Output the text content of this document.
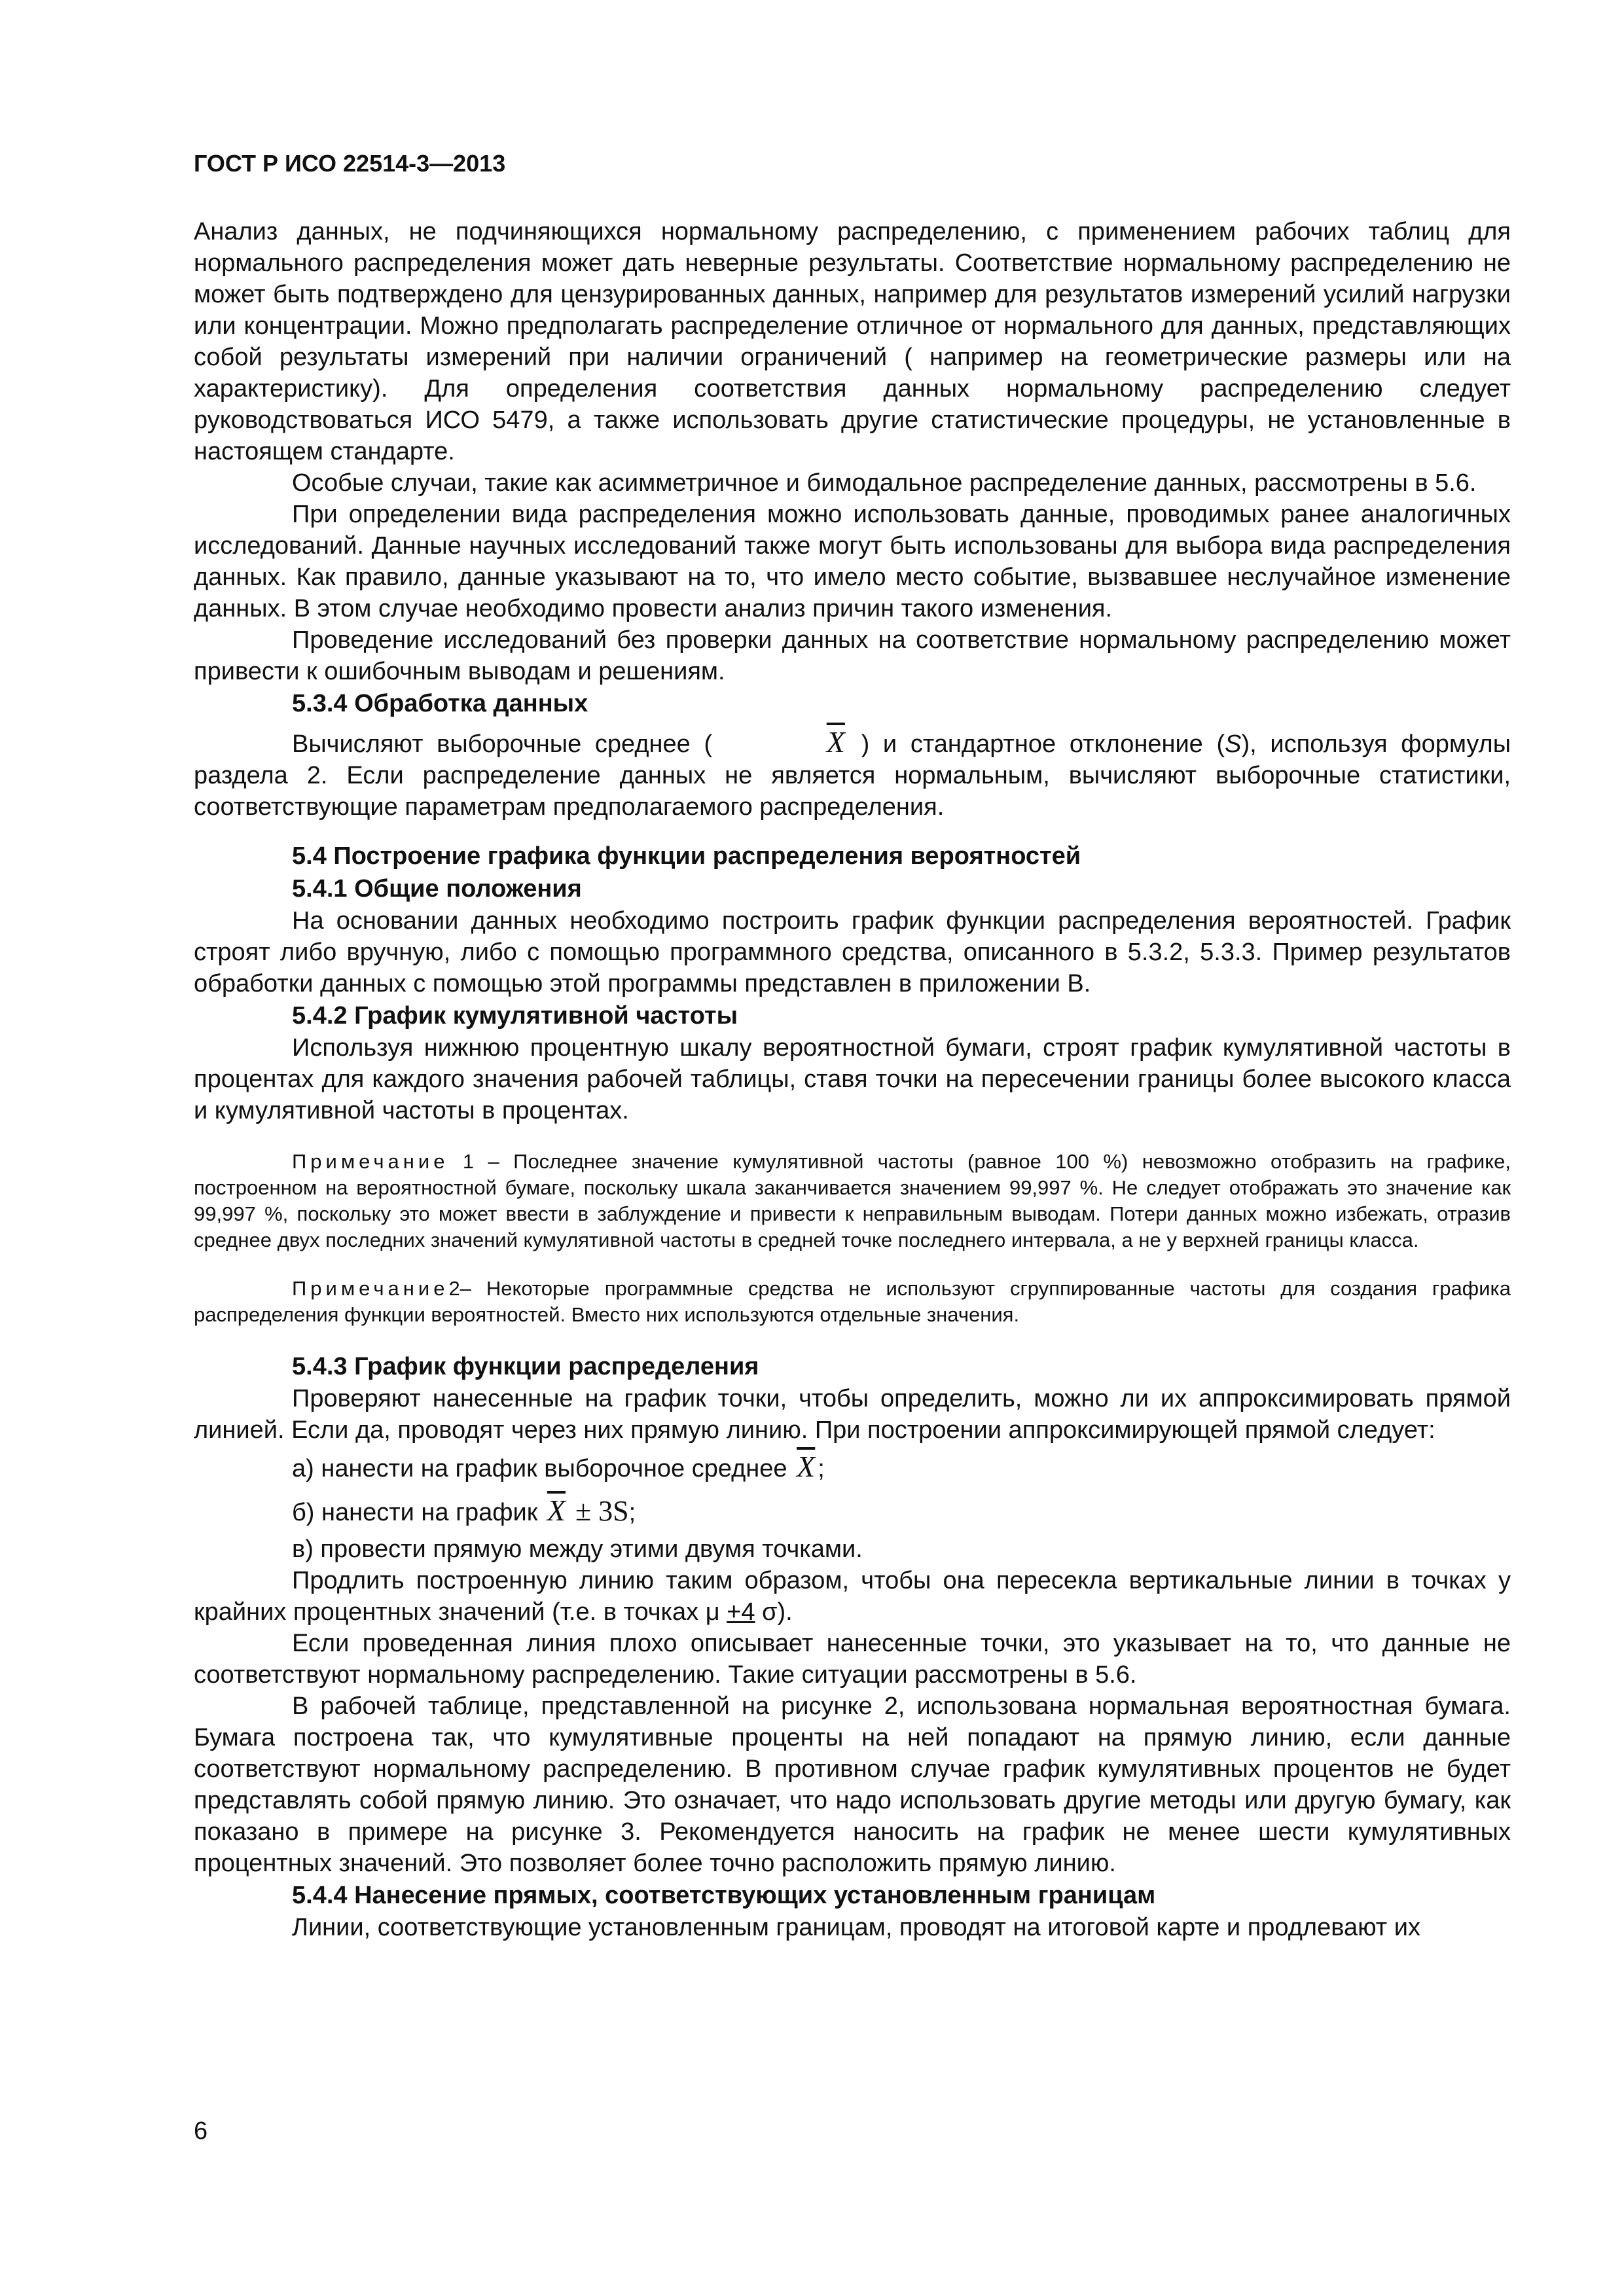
ГОСТ Р ИСО 22514-3—2013

Анализ данных, не подчиняющихся нормальному распределению, с применением рабочих таблиц для нормального распределения может дать неверные результаты. Соответствие нормальному распределению не может быть подтверждено для цензурированных данных, например для результатов измерений усилий нагрузки или концентрации. Можно предполагать распределение отличное от нормального для данных, представляющих собой результаты измерений при наличии ограничений ( например на геометрические размеры или на характеристику). Для определения соответствия данных нормальному распределению следует руководствоваться ИСО 5479, а также использовать другие статистические процедуры, не установленные в настоящем стандарте.

Особые случаи, такие как асимметричное и бимодальное распределение данных, рассмотрены в 5.6.

При определении вида распределения можно использовать данные, проводимых ранее аналогичных исследований. Данные научных исследований также могут быть использованы для выбора вида распределения данных. Как правило, данные указывают на то, что имело место событие, вызвавшее неслучайное изменение данных. В этом случае необходимо провести анализ причин такого изменения.

Проведение исследований без проверки данных на соответствие нормальному распределению может привести к ошибочным выводам и решениям.

5.3.4 Обработка данных

Вычисляют выборочные среднее (	$\overline{X}$ ) и стандартное отклонение (S), используя формулы раздела 2. Если распределение данных не является нормальным, вычисляют выборочные статистики, соответствующие параметрам предполагаемого распределения.

5.4 Построение графика функции распределения вероятностей
5.4.1 Общие положения

На основании данных необходимо построить график функции распределения вероятностей. График строят либо вручную, либо с помощью программного средства, описанного в 5.3.2, 5.3.3. Пример результатов обработки данных с помощью этой программы представлен в приложении В.

5.4.2 График кумулятивной частоты

Используя нижнюю процентную шкалу вероятностной бумаги, строят график кумулятивной частоты в процентах для каждого значения рабочей таблицы, ставя точки на пересечении границы более высокого класса и кумулятивной частоты в процентах.

Примечание 1 – Последнее значение кумулятивной частоты (равное 100 %) невозможно отобразить на графике, построенном на вероятностной бумаге, поскольку шкала заканчивается значением 99,997 %. Не следует отображать это значение как 99,997 %, поскольку это может ввести в заблуждение и привести к неправильным выводам. Потери данных можно избежать, отразив среднее двух последних значений кумулятивной частоты в средней точке последнего интервала, а не у верхней границы класса.

Примечание2– Некоторые программные средства не используют сгруппированные частоты для создания графика распределения функции вероятностей. Вместо них используются отдельные значения.

5.4.3 График функции распределения

Проверяют нанесенные на график точки, чтобы определить, можно ли их аппроксимировать прямой линией. Если да, проводят через них прямую линию. При построении аппроксимирующей прямой следует:

а) нанести на график выборочное среднее $\overline{X}$ ;

б) нанести на график $\overline{X} \pm 3S$;

в) провести прямую между этими двумя точками.

Продлить построенную линию таким образом, чтобы она пересекла вертикальные линии в точках у крайних процентных значений (т.е. в точках μ +4 σ).

Если проведенная линия плохо описывает нанесенные точки, это указывает на то, что данные не соответствуют нормальному распределению. Такие ситуации рассмотрены в 5.6.

В рабочей таблице, представленной на рисунке 2, использована нормальная вероятностная бумага. Бумага построена так, что кумулятивные проценты на ней попадают на прямую линию, если данные соответствуют нормальному распределению. В противном случае график кумулятивных процентов не будет представлять собой прямую линию. Это означает, что надо использовать другие методы или другую бумагу, как показано в примере на рисунке 3. Рекомендуется наносить на график не менее шести кумулятивных процентных значений. Это позволяет более точно расположить прямую линию.

5.4.4 Нанесение прямых, соответствующих установленным границам

Линии, соответствующие установленным границам, проводят на итоговой карте и продлевают их

6
